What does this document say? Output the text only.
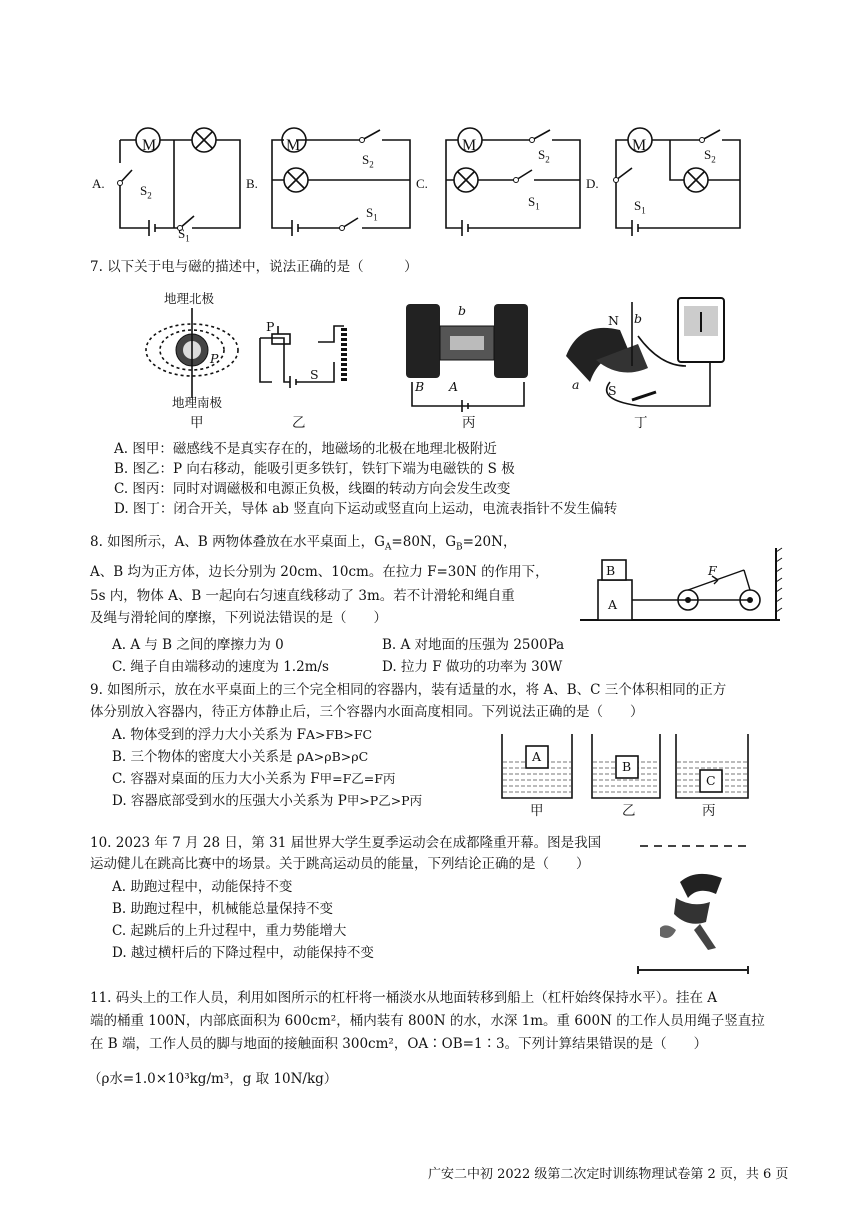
A.
M
$S_2$
$S_1$
B.
M
$S_2$
$S_1$
C.
M
$S_2$
$S_1$
D.
M
$S_2$
$S_1$
7. 以下关于电与磁的描述中，说法正确的是（　　　）
地理北极
P
地理南极
甲
P
S
乙
b
B A
丙
N b
a S
丁
A. 图甲：磁感线不是真实存在的，地磁场的北极在地理北极附近
B. 图乙：P 向右移动，能吸引更多铁钉，铁钉下端为电磁铁的 S 极
C. 图丙：同时对调磁极和电源正负极，线圈的转动方向会发生改变
D. 图丁：闭合开关，导体 ab 竖直向下运动或竖直向上运动，电流表指针不发生偏转
8. 如图所示，A、B 两物体叠放在水平桌面上，$G_A=80N$，$G_B=20N$，
A、B 均为正方体，边长分别为 20cm、10cm。在拉力 F=30N 的作用下，
5s 内，物体 A、B 一起向右匀速直线移动了 3m。若不计滑轮和绳自重
及绳与滑轮间的摩擦，下列说法错误的是（　　）
B
A
F
A. A 与 B 之间的摩擦力为 0	B. A 对地面的压强为 2500Pa
C. 绳子自由端移动的速度为 1.2m/s	D. 拉力 F 做功的功率为 30W
9. 如图所示，放在水平桌面上的三个完全相同的容器内，装有适量的水，将 A、B、C 三个体积相同的正方
体分别放入容器内，待正方体静止后，三个容器内水面高度相同。下列说法正确的是（　　）
A. 物体受到的浮力大小关系为 FA>FB>FC
B. 三个物体的密度大小关系是 ρA>ρB>ρC
C. 容器对桌面的压力大小关系为 F甲=F乙=F丙
D. 容器底部受到水的压强大小关系为 P甲>P乙>P丙
A
B
C
甲	乙	丙
10. 2023 年 7 月 28 日，第 31 届世界大学生夏季运动会在成都隆重开幕。图是我国
运动健儿在跳高比赛中的场景。关于跳高运动员的能量，下列结论正确的是（　　）
A. 助跑过程中，动能保持不变
B. 助跑过程中，机械能总量保持不变
C. 起跳后的上升过程中，重力势能增大
D. 越过横杆后的下降过程中，动能保持不变
11. 码头上的工作人员，利用如图所示的杠杆将一桶淡水从地面转移到船上（杠杆始终保持水平）。挂在 A
端的桶重 100N，内部底面积为 600cm²，桶内装有 800N 的水，水深 1m。重 600N 的工作人员用绳子竖直拉
在 B 端，工作人员的脚与地面的接触面积 300cm²，OA∶OB=1∶3。下列计算结果错误的是（　　）
（ρ水=1.0×10³kg/m³，g 取 10N/kg）
广安二中初 2022 级第二次定时训练物理试卷第 2 页，共 6 页
